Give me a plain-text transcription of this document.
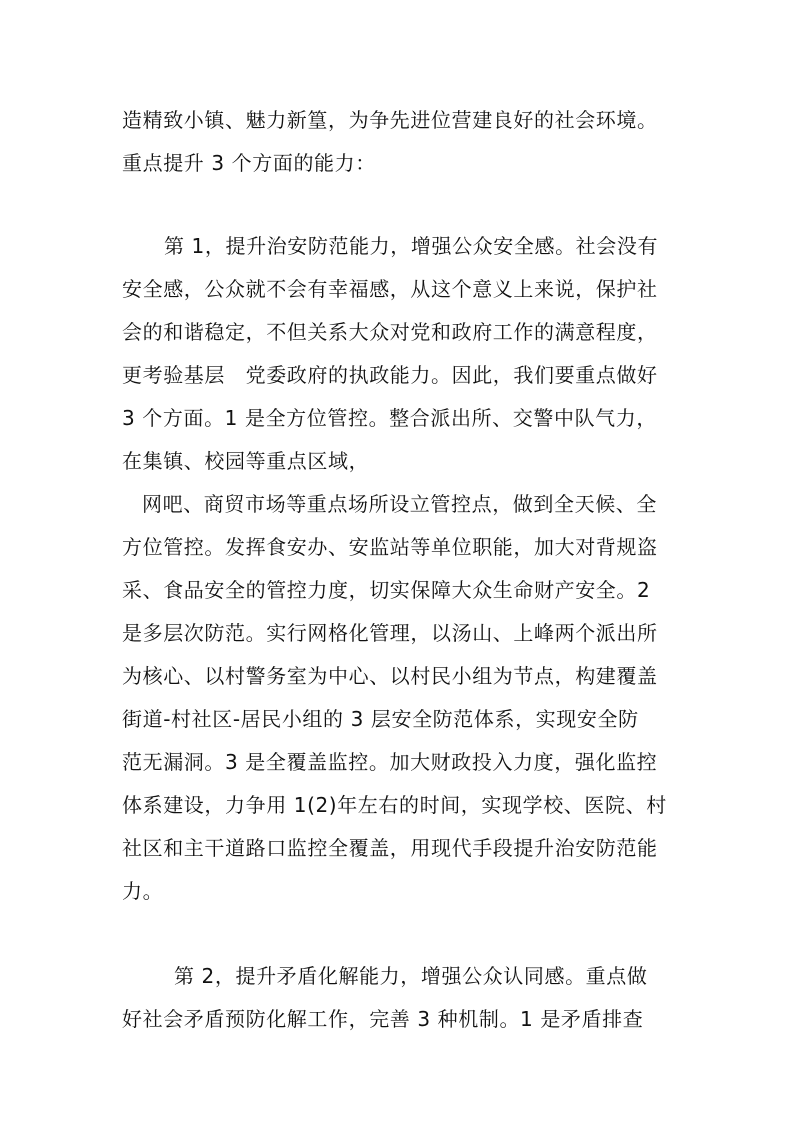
造精致小镇、魅力新篁，为争先进位营建良好的社会环境。
重点提升 3 个方面的能力：
第 1，提升治安防范能力，增强公众安全感。社会没有
安全感，公众就不会有幸福感，从这个意义上来说，保护社
会的和谐稳定，不但关系大众对党和政府工作的满意程度，
更考验基层　党委政府的执政能力。因此，我们要重点做好
3 个方面。1 是全方位管控。整合派出所、交警中队气力，
在集镇、校园等重点区域，
网吧、商贸市场等重点场所设立管控点，做到全天候、全
方位管控。发挥食安办、安监站等单位职能，加大对背规盗
采、食品安全的管控力度，切实保障大众生命财产安全。2
是多层次防范。实行网格化管理，以汤山、上峰两个派出所
为核心、以村警务室为中心、以村民小组为节点，构建覆盖
街道-村社区-居民小组的 3 层安全防范体系，实现安全防
范无漏洞。3 是全覆盖监控。加大财政投入力度，强化监控
体系建设，力争用 1(2)年左右的时间，实现学校、医院、村
社区和主干道路口监控全覆盖，用现代手段提升治安防范能
力。
第 2，提升矛盾化解能力，增强公众认同感。重点做
好社会矛盾预防化解工作，完善 3 种机制。1 是矛盾排查
